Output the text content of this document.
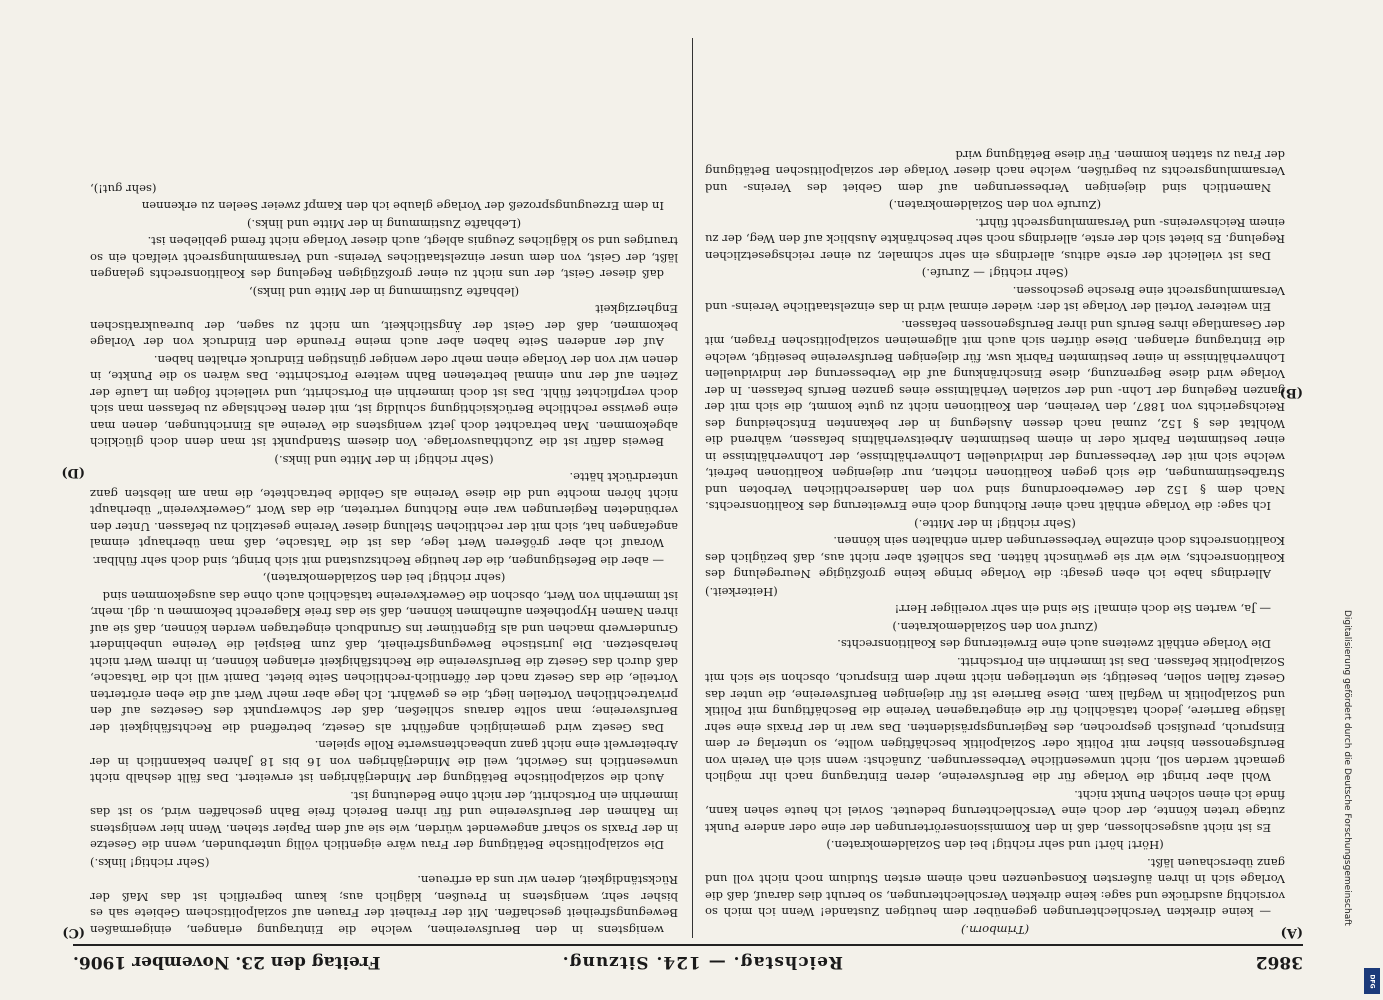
3862
Reichstag. — 124. Sitzung.
Freitag den 23. November 1906.
(A)
(B)
(C)
(D)

(Trimborn.)

— keine direkten Verschlechterungen gegenüber dem heutigen Zustande! Wenn ich mich so vorsichtig ausdrücke und sage: keine direkten Verschlechterungen, so beruht dies darauf, daß die Vorlage sich in ihren äußersten Konsequenzen nach einem ersten Studium noch nicht voll und ganz überschauen läßt.

(Hört! hört! und sehr richtig! bei den Sozialdemokraten.)

Es ist nicht ausgeschlossen, daß in den Kommissionserörterungen der eine oder andere Punkt zutage treten könnte, der doch eine Verschlechterung bedeutet. Soviel ich heute sehen kann, finde ich einen solchen Punkt nicht.

Wohl aber bringt die Vorlage für die Berufsvereine, deren Eintragung nach ihr möglich gemacht werden soll, nicht unwesentliche Verbesserungen. Zunächst: wenn sich ein Verein von Berufsgenossen bisher mit Politik oder Sozialpolitik beschäftigen wollte, so unterlag er dem Einspruch, preußisch gesprochen, des Regierungspräsidenten. Das war in der Praxis eine sehr lästige Barriere, jedoch tatsächlich für die eingetragenen Vereine die Beschäftigung mit Politik und Sozialpolitik in Wegfall kam. Diese Barriere ist für diejenigen Berufsvereine, die unter das Gesetz fallen sollen, beseitigt; sie unterliegen nicht mehr dem Einspruch, obschon sie sich mit Sozialpolitik befassen. Das ist immerhin ein Fortschritt.

Die Vorlage enthält zweitens auch eine Erweiterung des Koalitionsrechts.

(Zuruf von den Sozialdemokraten.)

— Ja, warten Sie doch einmal! Sie sind ein sehr voreiliger Herr!

(Heiterkeit.)

Allerdings habe ich eben gesagt: die Vorlage bringe keine großzügige Neuregelung des Koalitionsrechts, wie wir sie gewünscht hätten. Das schließt aber nicht aus, daß bezüglich des Koalitionsrechts doch einzelne Verbesserungen darin enthalten sein können.

(Sehr richtig! in der Mitte.)

Ich sage: die Vorlage enthält nach einer Richtung doch eine Erweiterung des Koalitionsrechts. Nach dem § 152 der Gewerbeordnung sind von den landesrechtlichen Verboten und Strafbestimmungen, die sich gegen Koalitionen richten, nur diejenigen Koalitionen befreit, welche sich mit der Verbesserung der individuellen Lohnverhältnisse, der Lohnverhältnisse in einer bestimmten Fabrik oder in einem bestimmten Arbeitsverhältnis befassen, während die Wohltat des § 152, zumal nach dessen Auslegung in der bekannten Entscheidung des Reichsgerichts von 1887, den Vereinen, den Koalitionen nicht zu gute kommt, die sich mit der ganzen Regelung der Lohn- und der sozialen Verhältnisse eines ganzen Berufs befassen. In der Vorlage wird diese Begrenzung, diese Einschränkung auf die Verbesserung der individuellen Lohnverhältnisse in einer bestimmten Fabrik usw. für diejenigen Berufsvereine beseitigt, welche die Eintragung erlangen. Diese dürfen sich auch mit allgemeinen sozialpolitischen Fragen, mit der Gesamtlage ihres Berufs und ihrer Berufsgenossen befassen.

Ein weiterer Vorteil der Vorlage ist der: wieder einmal wird in das einzelstaatliche Vereins- und Versammlungsrecht eine Bresche geschossen.

(Sehr richtig! — Zurufe.)

Das ist vielleicht der erste aditus, allerdings ein sehr schmaler, zu einer reichsgesetzlichen Regelung. Es bietet sich der erste, allerdings noch sehr beschränkte Ausblick auf den Weg, der zu einem Reichsvereins- und Versammlungsrecht führt.

(Zurufe von den Sozialdemokraten.)

Namentlich sind diejenigen Verbesserungen auf dem Gebiet des Vereins- und Versammlungsrechts zu begrüßen, welche nach dieser Vorlage der sozialpolitischen Betätigung der Frau zu statten kommen. Für diese Betätigung wird

wenigstens in den Berufsvereinen, welche die Eintragung erlangen, einigermaßen Bewegungsfreiheit geschaffen. Mit der Freiheit der Frauen auf sozialpolitischem Gebiete sah es bisher sehr, wenigstens in Preußen, kläglich aus; kaum begreiflich ist das Maß der Rückständigkeit, deren wir uns da erfreuen.

(Sehr richtig! links.)

Die sozialpolitische Betätigung der Frau wäre eigentlich völlig unterbunden, wenn die Gesetze in der Praxis so scharf angewendet würden, wie sie auf dem Papier stehen. Wenn hier wenigstens im Rahmen der Berufsvereine und für ihren Bereich freie Bahn geschaffen wird, so ist das immerhin ein Fortschritt, der nicht ohne Bedeutung ist.

Auch die sozialpolitische Betätigung der Minderjährigen ist erweitert. Das fällt deshalb nicht unwesentlich ins Gewicht, weil die Minderjährigen von 16 bis 18 Jahren bekanntlich in der Arbeiterwelt eine nicht ganz unbeachtenswerte Rolle spielen.

Das Gesetz wird gemeiniglich angeführt als Gesetz, betreffend die Rechtsfähigkeit der Berufsvereine; man sollte daraus schließen, daß der Schwerpunkt des Gesetzes auf den privatrechtlichen Vorteilen liegt, die es gewährt. Ich lege aber mehr Wert auf die eben erörterten Vorteile, die das Gesetz nach der öffentlich-rechtlichen Seite bietet. Damit will ich die Tatsache, daß durch das Gesetz die Berufsvereine die Rechtsfähigkeit erlangen können, in ihrem Wert nicht herabsetzen. Die juristische Bewegungsfreiheit, daß zum Beispiel die Vereine unbehindert Grunderwerb machen und als Eigentümer ins Grundbuch eingetragen werden können, daß sie auf ihren Namen Hypotheken aufnehmen können, daß sie das freie Klagerecht bekommen u. dgl. mehr, ist immerhin von Wert, obschon die Gewerkvereine tatsächlich auch ohne das ausgekommen sind

(sehr richtig! bei den Sozialdemokraten),

— aber die Befestigungen, die der heutige Rechtszustand mit sich bringt, sind doch sehr fühlbar.

Worauf ich aber größeren Wert lege, das ist die Tatsache, daß man überhaupt einmal angefangen hat, sich mit der rechtlichen Stellung dieser Vereine gesetzlich zu befassen. Unter den verbündeten Regierungen war eine Richtung vertreten, die das Wort „Gewerkverein“ überhaupt nicht hören mochte und die diese Vereine als Gebilde betrachtete, die man am liebsten ganz unterdrückt hätte.

(Sehr richtig! in der Mitte und links.)

Beweis dafür ist die Zuchthausvorlage. Von diesem Standpunkt ist man denn doch glücklich abgekommen. Man betrachtet doch jetzt wenigstens die Vereine als Einrichtungen, denen man eine gewisse rechtliche Berücksichtigung schuldig ist, mit deren Rechtslage zu befassen man sich doch verpflichtet fühlt. Das ist doch immerhin ein Fortschritt, und vielleicht folgen im Laufe der Zeiten auf der nun einmal betretenen Bahn weitere Fortschritte. Das wären so die Punkte, in denen wir von der Vorlage einen mehr oder weniger günstigen Eindruck erhalten haben.

Auf der anderen Seite haben aber auch meine Freunde den Eindruck von der Vorlage bekommen, daß der Geist der Ängstlichkeit, um nicht zu sagen, der bureaukratischen Engherzigkeit

(lebhafte Zustimmung in der Mitte und links),

daß dieser Geist, der uns nicht zu einer großzügigen Regelung des Koalitionsrechts gelangen läßt, der Geist, von dem unser einzelstaatliches Vereins- und Versammlungsrecht vielfach ein so trauriges und so klägliches Zeugnis ablegt, auch dieser Vorlage nicht fremd geblieben ist.

(Lebhafte Zustimmung in der Mitte und links.)

In dem Erzeugungsprozeß der Vorlage glaube ich den Kampf zweier Seelen zu erkennen

(sehr gut!),

Digitalisierung gefördert durch die Deutsche Forschungsgemeinschaft
DFG
